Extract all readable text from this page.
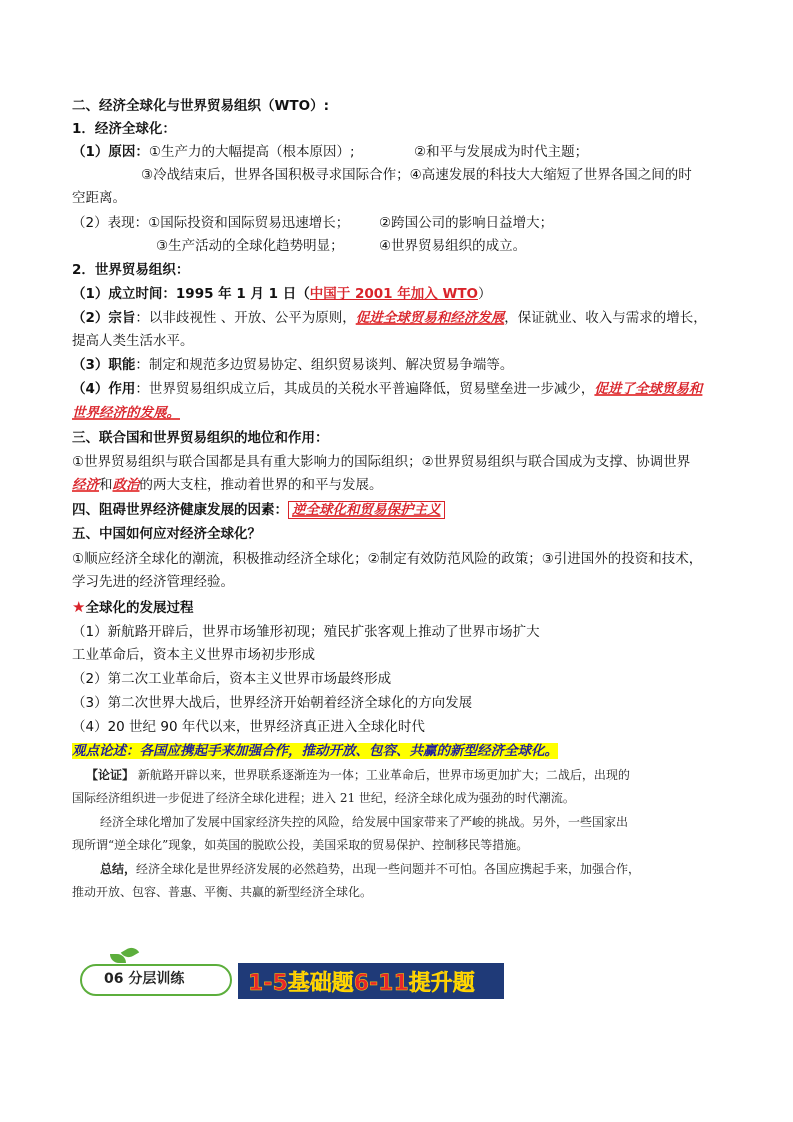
二、经济全球化与世界贸易组织（WTO）:
1．经济全球化：
（1）原因：①生产力的大幅提高（根本原因）;	②和平与发展成为时代主题；
③冷战结束后，世界各国积极寻求国际合作；④高速发展的科技大大缩短了世界各国之间的时
空距离。
（2）表现：①国际投资和国际贸易迅速增长； ②跨国公司的影响日益增大；
③生产活动的全球化趋势明显；	④世界贸易组织的成立。
2．世界贸易组织：
（1）成立时间：1995 年 1 月 1 日（中国于 2001 年加入 WTO）
（2）宗旨：以非歧视性 、开放、公平为原则，促进全球贸易和经济发展，保证就业、收入与需求的增长，
提高人类生活水平。
（3）职能：制定和规范多边贸易协定、组织贸易谈判、解决贸易争端等。
（4）作用：世界贸易组织成立后，其成员的关税水平普遍降低，贸易壁垒进一步减少，促进了全球贸易和
世界经济的发展。
三、联合国和世界贸易组织的地位和作用：
①世界贸易组织与联合国都是具有重大影响力的国际组织；②世界贸易组织与联合国成为支撑、协调世界
经济和政治的两大支柱，推动着世界的和平与发展。
四、阻碍世界经济健康发展的因素： 逆全球化和贸易保护主义
五、中国如何应对经济全球化？
①顺应经济全球化的潮流，积极推动经济全球化；②制定有效防范风险的政策；③引进国外的投资和技术，
学习先进的经济管理经验。
★全球化的发展过程
（1）新航路开辟后，世界市场雏形初现；殖民扩张客观上推动了世界市场扩大
工业革命后，资本主义世界市场初步形成
（2）第二次工业革命后，资本主义世界市场最终形成
（3）第二次世界大战后，世界经济开始朝着经济全球化的方向发展
（4）20 世纪 90 年代以来，世界经济真正进入全球化时代
观点论述：各国应携起手来加强合作，推动开放、包容、共赢的新型经济全球化。
【论证】 新航路开辟以来，世界联系逐渐连为一体；工业革命后，世界市场更加扩大；二战后，出现的
国际经济组织进一步促进了经济全球化进程；进入 21 世纪，经济全球化成为强劲的时代潮流。
经济全球化增加了发展中国家经济失控的风险，给发展中国家带来了严峻的挑战。另外，一些国家出
现所谓“逆全球化”现象，如英国的脱欧公投，美国采取的贸易保护、控制移民等措施。
总结，经济全球化是世界经济发展的必然趋势，出现一些问题并不可怕。各国应携起手来，加强合作，
推动开放、包容、普惠、平衡、共赢的新型经济全球化。
06 分层训练	1-5基础题6-11提升题
